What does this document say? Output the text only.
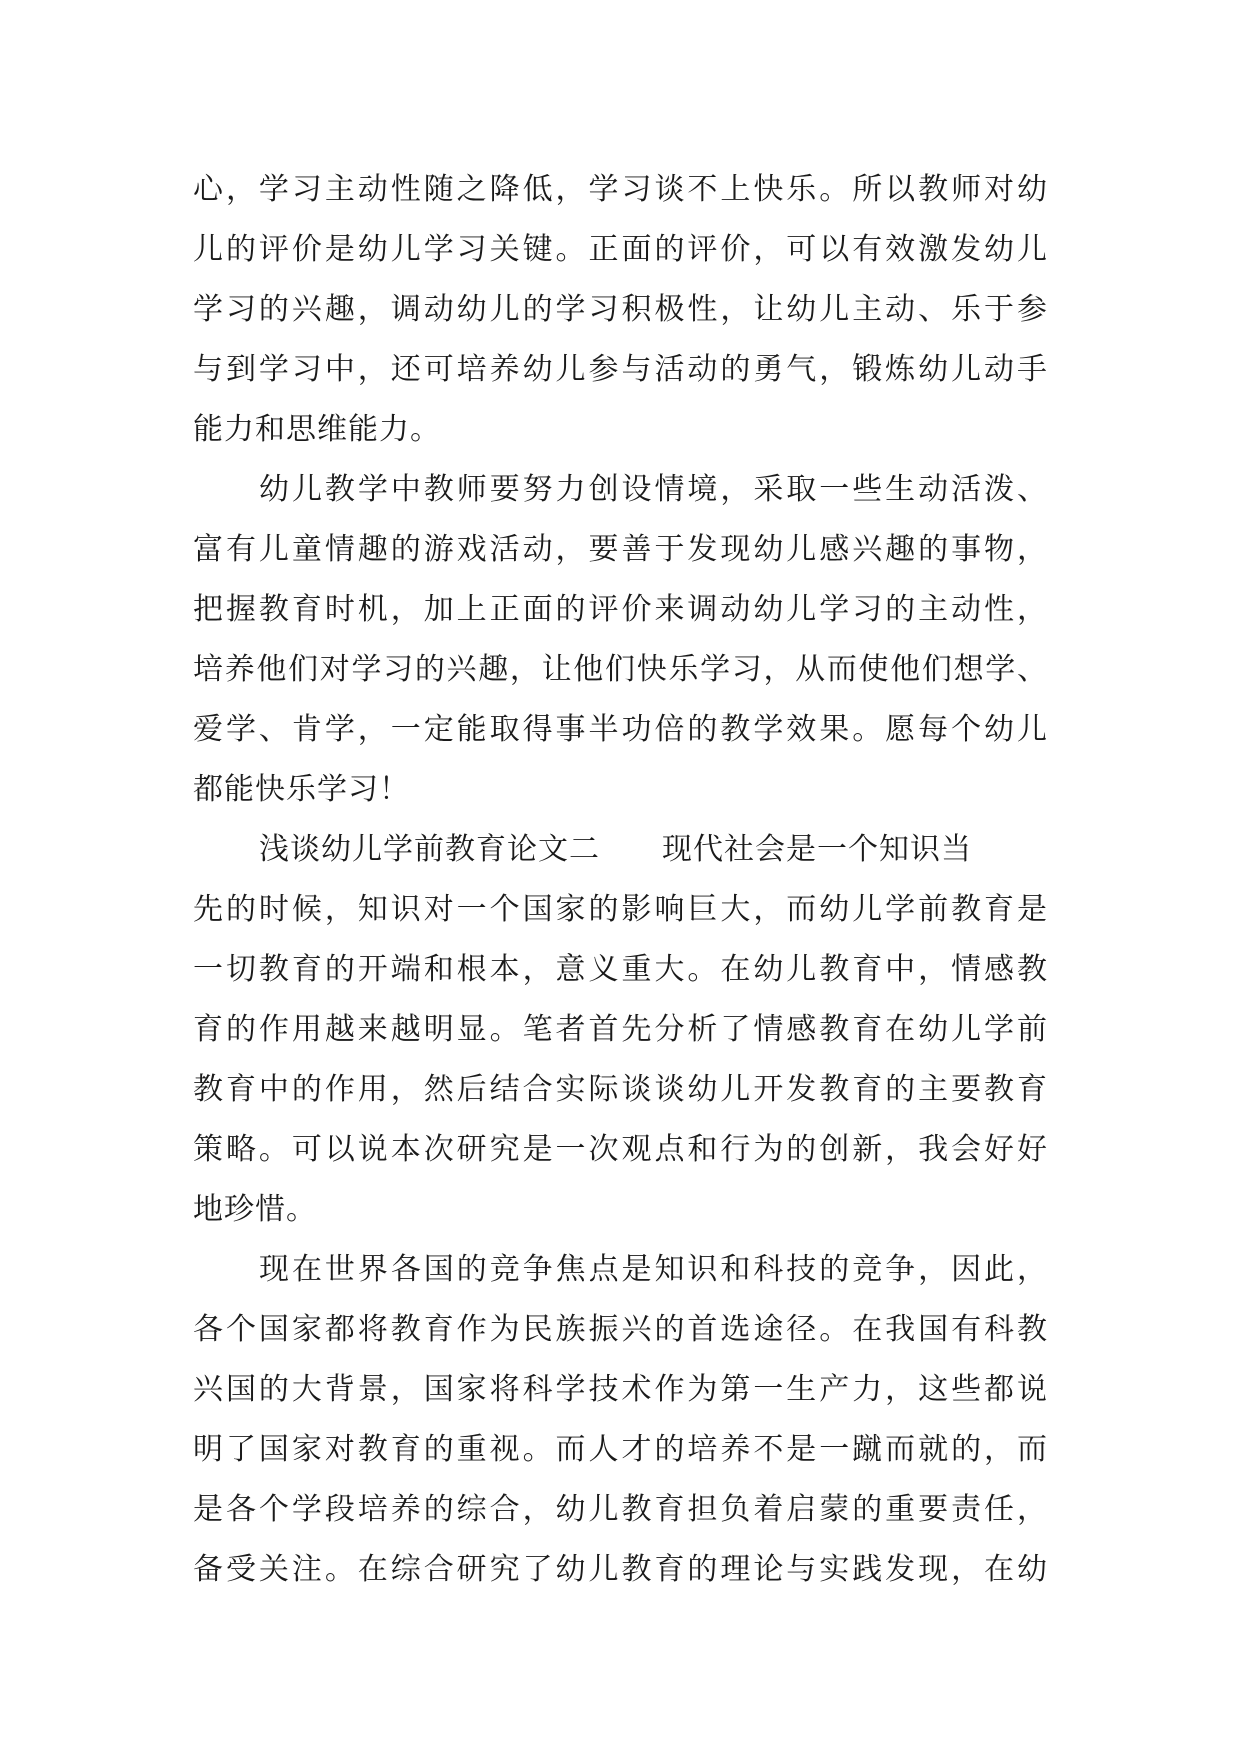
心，学习主动性随之降低，学习谈不上快乐。所以教师对幼
儿的评价是幼儿学习关键。正面的评价，可以有效激发幼儿
学习的兴趣，调动幼儿的学习积极性，让幼儿主动、乐于参
与到学习中，还可培养幼儿参与活动的勇气，锻炼幼儿动手
能力和思维能力。
幼儿教学中教师要努力创设情境，采取一些生动活泼、
富有儿童情趣的游戏活动，要善于发现幼儿感兴趣的事物，
把握教育时机，加上正面的评价来调动幼儿学习的主动性，
培养他们对学习的兴趣，让他们快乐学习，从而使他们想学、
爱学、肯学，一定能取得事半功倍的教学效果。愿每个幼儿
都能快乐学习！
浅谈幼儿学前教育论文二 现代社会是一个知识当
先的时候，知识对一个国家的影响巨大，而幼儿学前教育是
一切教育的开端和根本，意义重大。在幼儿教育中，情感教
育的作用越来越明显。笔者首先分析了情感教育在幼儿学前
教育中的作用，然后结合实际谈谈幼儿开发教育的主要教育
策略。可以说本次研究是一次观点和行为的创新，我会好好
地珍惜。
现在世界各国的竞争焦点是知识和科技的竞争，因此，
各个国家都将教育作为民族振兴的首选途径。在我国有科教
兴国的大背景，国家将科学技术作为第一生产力，这些都说
明了国家对教育的重视。而人才的培养不是一蹴而就的，而
是各个学段培养的综合，幼儿教育担负着启蒙的重要责任，
备受关注。在综合研究了幼儿教育的理论与实践发现，在幼
